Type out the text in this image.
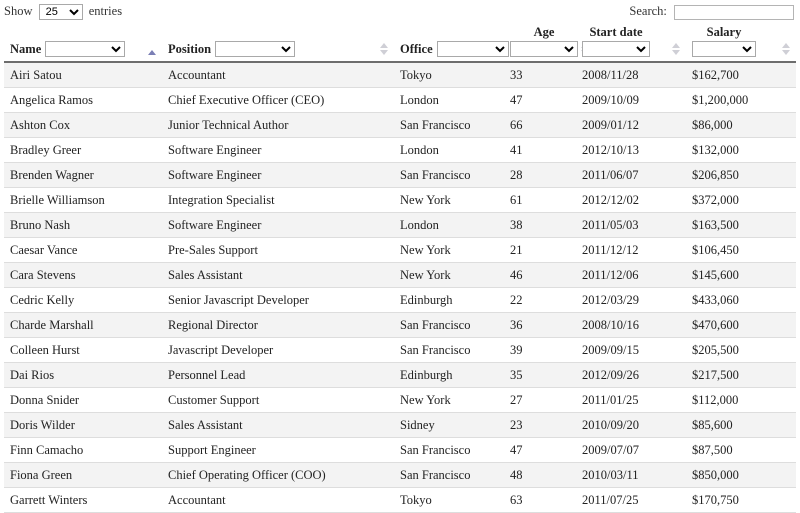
Show
25	entries	Search:
Name	Position	Office	Age	Start date	Salary

Airi Satou	Accountant	Tokyo	33	2008/11/28	$162,700
Angelica Ramos	Chief Executive Officer (CEO)	London	47	2009/10/09	$1,200,000
Ashton Cox	Junior Technical Author	San Francisco	66	2009/01/12	$86,000
Bradley Greer	Software Engineer	London	41	2012/10/13	$132,000
Brenden Wagner	Software Engineer	San Francisco	28	2011/06/07	$206,850
Brielle Williamson	Integration Specialist	New York	61	2012/12/02	$372,000
Bruno Nash	Software Engineer	London	38	2011/05/03	$163,500
Caesar Vance	Pre-Sales Support	New York	21	2011/12/12	$106,450
Cara Stevens	Sales Assistant	New York	46	2011/12/06	$145,600
Cedric Kelly	Senior Javascript Developer	Edinburgh	22	2012/03/29	$433,060
Charde Marshall	Regional Director	San Francisco	36	2008/10/16	$470,600
Colleen Hurst	Javascript Developer	San Francisco	39	2009/09/15	$205,500
Dai Rios	Personnel Lead	Edinburgh	35	2012/09/26	$217,500
Donna Snider	Customer Support	New York	27	2011/01/25	$112,000
Doris Wilder	Sales Assistant	Sidney	23	2010/09/20	$85,600
Finn Camacho	Support Engineer	San Francisco	47	2009/07/07	$87,500
Fiona Green	Chief Operating Officer (COO)	San Francisco	48	2010/03/11	$850,000
Garrett Winters	Accountant	Tokyo	63	2011/07/25	$170,750
